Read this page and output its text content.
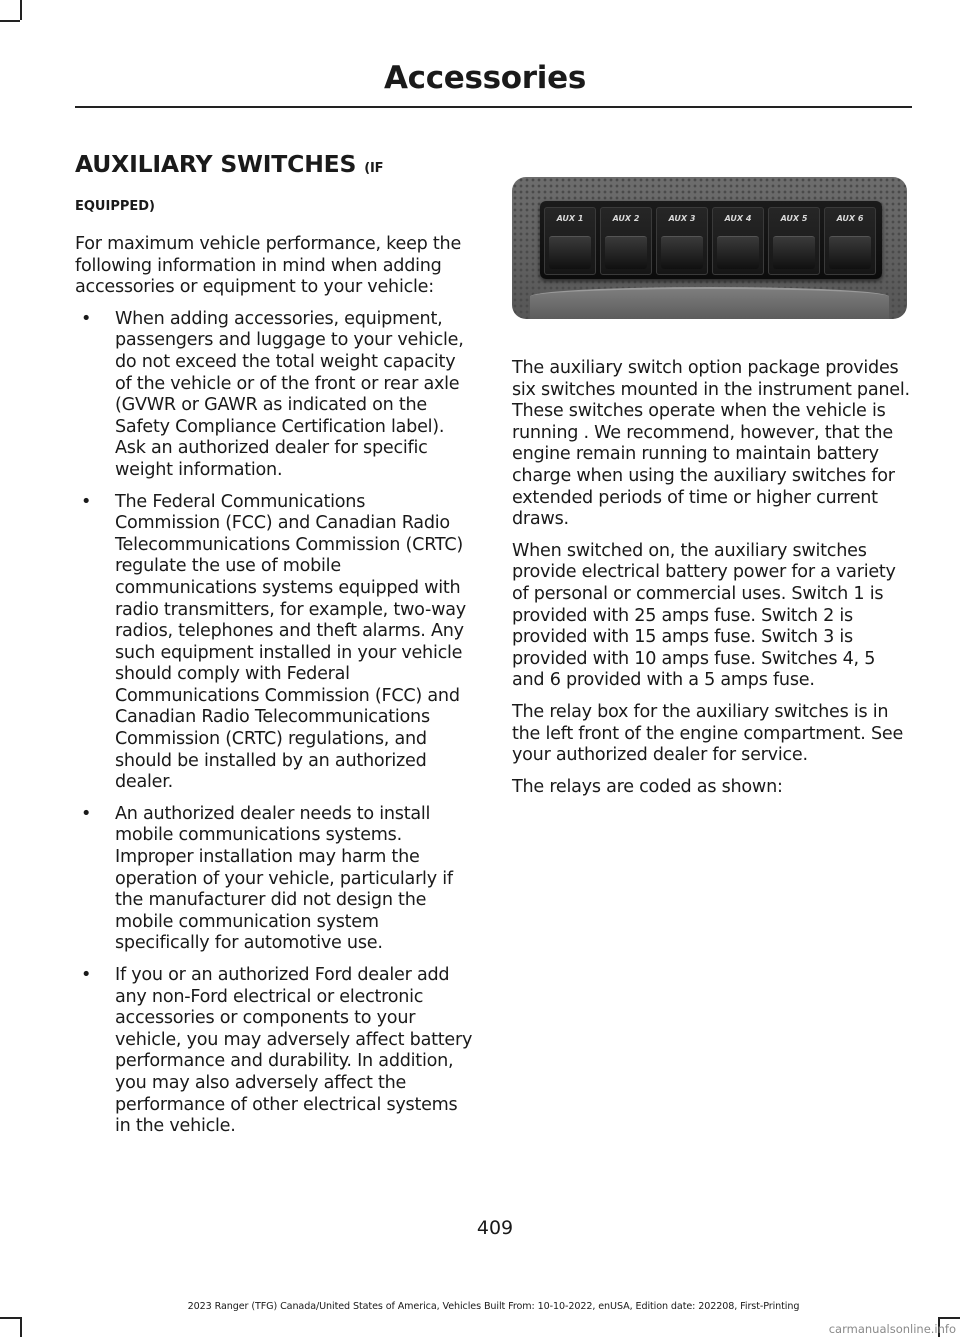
Accessories
AUXILIARY SWITCHES (IF
EQUIPPED)

For maximum vehicle performance, keep the following information in mind when adding accessories or equipment to your vehicle:

• When adding accessories, equipment, passengers and luggage to your vehicle, do not exceed the total weight capacity of the vehicle or of the front or rear axle (GVWR or GAWR as indicated on the Safety Compliance Certification label). Ask an authorized dealer for specific weight information.
• The Federal Communications Commission (FCC) and Canadian Radio Telecommunications Commission (CRTC) regulate the use of mobile communications systems equipped with radio transmitters, for example, two-way radios, telephones and theft alarms. Any such equipment installed in your vehicle should comply with Federal Communications Commission (FCC) and Canadian Radio Telecommunications Commission (CRTC) regulations, and should be installed by an authorized dealer.
• An authorized dealer needs to install mobile communications systems. Improper installation may harm the operation of your vehicle, particularly if the manufacturer did not design the mobile communication system specifically for automotive use.
• If you or an authorized Ford dealer add any non-Ford electrical or electronic accessories or components to your vehicle, you may adversely affect battery performance and durability. In addition, you may also adversely affect the performance of other electrical systems in the vehicle.
AUX 1	AUX 2	AUX 3	AUX 4	AUX 5	AUX 6

The auxiliary switch option package provides six switches mounted in the instrument panel. These switches operate when the vehicle is running . We recommend, however, that the engine remain running to maintain battery charge when using the auxiliary switches for extended periods of time or higher current draws.

When switched on, the auxiliary switches provide electrical battery power for a variety of personal or commercial uses. Switch 1 is provided with 25 amps fuse. Switch 2 is provided with 15 amps fuse. Switch 3 is provided with 10 amps fuse. Switches 4, 5 and 6 provided with a 5 amps fuse.

The relay box for the auxiliary switches is in the left front of the engine compartment. See your authorized dealer for service.

The relays are coded as shown:

409
2023 Ranger (TFG) Canada/United States of America, Vehicles Built From: 10-10-2022, enUSA, Edition date: 202208, First-Printing
carmanualsonline.info
